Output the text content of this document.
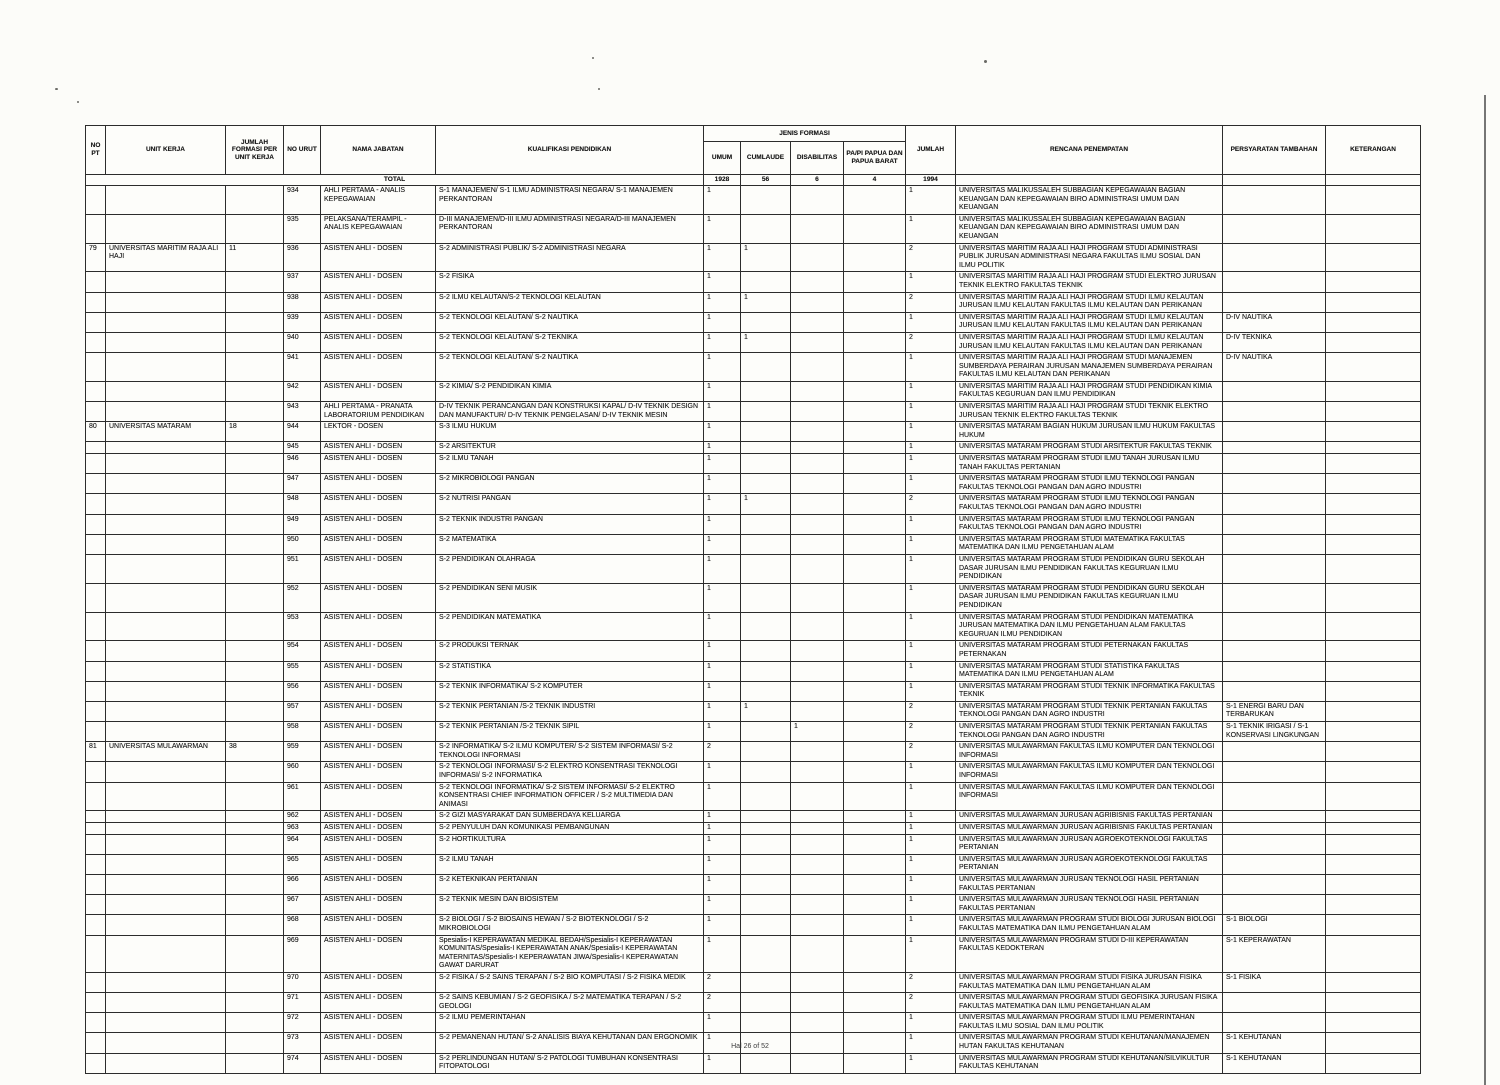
NO PT	UNIT KERJA	JUMLAH FORMASI PER UNIT KERJA	NO URUT	NAMA JABATAN	KUALIFIKASI PENDIDIKAN	JENIS FORMASI				JUMLAH	RENCANA PENEMPATAN	PERSYARATAN TAMBAHAN	KETERANGAN
						UMUM	CUMLAUDE	DISABILITAS	PA/PI PAPUA DAN PAPUA BARAT				
TOTAL						1928	56	6	4	1994			
			934	AHLI PERTAMA - ANALIS KEPEGAWAIAN	S-1 MANAJEMEN/ S-1 ILMU ADMINISTRASI NEGARA/ S-1 MANAJEMEN PERKANTORAN	1				1	UNIVERSITAS MALIKUSSALEH SUBBAGIAN KEPEGAWAIAN BAGIAN KEUANGAN DAN KEPEGAWAIAN BIRO ADMINISTRASI UMUM DAN KEUANGAN		
			935	PELAKSANA/TERAMPIL - ANALIS KEPEGAWAIAN	D-III MANAJEMEN/D-III ILMU ADMINISTRASI NEGARA/D-III MANAJEMEN PERKANTORAN	1				1	UNIVERSITAS MALIKUSSALEH SUBBAGIAN KEPEGAWAIAN BAGIAN KEUANGAN DAN KEPEGAWAIAN BIRO ADMINISTRASI UMUM DAN KEUANGAN		
79	UNIVERSITAS MARITIM RAJA ALI HAJI	11	936	ASISTEN AHLI - DOSEN	S-2 ADMINISTRASI PUBLIK/ S-2 ADMINISTRASI NEGARA	1	1			2	UNIVERSITAS MARITIM RAJA ALI HAJI PROGRAM STUDI ADMINISTRASI PUBLIK JURUSAN ADMINISTRASI NEGARA FAKULTAS ILMU SOSIAL DAN ILMU POLITIK		
			937	ASISTEN AHLI - DOSEN	S-2 FISIKA	1				1	UNIVERSITAS MARITIM RAJA ALI HAJI PROGRAM STUDI ELEKTRO JURUSAN TEKNIK ELEKTRO FAKULTAS TEKNIK		
			938	ASISTEN AHLI - DOSEN	S-2 ILMU KELAUTAN/S-2 TEKNOLOGI KELAUTAN	1	1			2	UNIVERSITAS MARITIM RAJA ALI HAJI PROGRAM STUDI ILMU KELAUTAN JURUSAN ILMU KELAUTAN FAKULTAS ILMU KELAUTAN DAN PERIKANAN		
			939	ASISTEN AHLI - DOSEN	S-2 TEKNOLOGI KELAUTAN/ S-2 NAUTIKA	1				1	UNIVERSITAS MARITIM RAJA ALI HAJI PROGRAM STUDI ILMU KELAUTAN JURUSAN ILMU KELAUTAN FAKULTAS ILMU KELAUTAN DAN PERIKANAN	D-IV NAUTIKA	
			940	ASISTEN AHLI - DOSEN	S-2 TEKNOLOGI KELAUTAN/ S-2 TEKNIKA	1	1			2	UNIVERSITAS MARITIM RAJA ALI HAJI PROGRAM STUDI ILMU KELAUTAN JURUSAN ILMU KELAUTAN FAKULTAS ILMU KELAUTAN DAN PERIKANAN	D-IV TEKNIKA	
			941	ASISTEN AHLI - DOSEN	S-2 TEKNOLOGI KELAUTAN/ S-2 NAUTIKA	1				1	UNIVERSITAS MARITIM RAJA ALI HAJI PROGRAM STUDI MANAJEMEN SUMBERDAYA PERAIRAN JURUSAN MANAJEMEN SUMBERDAYA PERAIRAN FAKULTAS ILMU KELAUTAN DAN PERIKANAN	D-IV NAUTIKA	
			942	ASISTEN AHLI - DOSEN	S-2 KIMIA/ S-2 PENDIDIKAN KIMIA	1				1	UNIVERSITAS MARITIM RAJA ALI HAJI PROGRAM STUDI PENDIDIKAN KIMIA FAKULTAS KEGURUAN DAN ILMU PENDIDIKAN		
			943	AHLI PERTAMA - PRANATA LABORATORIUM PENDIDIKAN	D-IV TEKNIK PERANCANGAN DAN KONSTRUKSI KAPAL/ D-IV TEKNIK DESIGN DAN MANUFAKTUR/ D-IV TEKNIK PENGELASAN/ D-IV TEKNIK MESIN	1				1	UNIVERSITAS MARITIM RAJA ALI HAJI PROGRAM STUDI TEKNIK ELEKTRO JURUSAN TEKNIK ELEKTRO FAKULTAS TEKNIK		
80	UNIVERSITAS MATARAM	18	944	LEKTOR - DOSEN	S-3 ILMU HUKUM	1				1	UNIVERSITAS MATARAM BAGIAN HUKUM JURUSAN ILMU HUKUM FAKULTAS HUKUM		
			945	ASISTEN AHLI - DOSEN	S-2 ARSITEKTUR	1				1	UNIVERSITAS MATARAM PROGRAM STUDI ARSITEKTUR FAKULTAS TEKNIK		
			946	ASISTEN AHLI - DOSEN	S-2 ILMU TANAH	1				1	UNIVERSITAS MATARAM PROGRAM STUDI ILMU TANAH JURUSAN ILMU TANAH FAKULTAS PERTANIAN		
			947	ASISTEN AHLI - DOSEN	S-2 MIKROBIOLOGI PANGAN	1				1	UNIVERSITAS MATARAM PROGRAM STUDI ILMU TEKNOLOGI PANGAN FAKULTAS TEKNOLOGI PANGAN DAN AGRO INDUSTRI		
			948	ASISTEN AHLI - DOSEN	S-2 NUTRISI PANGAN	1	1			2	UNIVERSITAS MATARAM PROGRAM STUDI ILMU TEKNOLOGI PANGAN FAKULTAS TEKNOLOGI PANGAN DAN AGRO INDUSTRI		
			949	ASISTEN AHLI - DOSEN	S-2 TEKNIK INDUSTRI PANGAN	1				1	UNIVERSITAS MATARAM PROGRAM STUDI ILMU TEKNOLOGI PANGAN FAKULTAS TEKNOLOGI PANGAN DAN AGRO INDUSTRI		
			950	ASISTEN AHLI - DOSEN	S-2 MATEMATIKA	1				1	UNIVERSITAS MATARAM PROGRAM STUDI MATEMATIKA FAKULTAS MATEMATIKA DAN ILMU PENGETAHUAN ALAM		
			951	ASISTEN AHLI - DOSEN	S-2 PENDIDIKAN OLAHRAGA	1				1	UNIVERSITAS MATARAM PROGRAM STUDI PENDIDIKAN GURU SEKOLAH DASAR JURUSAN ILMU PENDIDIKAN FAKULTAS KEGURUAN ILMU PENDIDIKAN		
			952	ASISTEN AHLI - DOSEN	S-2 PENDIDIKAN SENI MUSIK	1				1	UNIVERSITAS MATARAM PROGRAM STUDI PENDIDIKAN GURU SEKOLAH DASAR JURUSAN ILMU PENDIDIKAN FAKULTAS KEGURUAN ILMU PENDIDIKAN		
			953	ASISTEN AHLI - DOSEN	S-2 PENDIDIKAN MATEMATIKA	1				1	UNIVERSITAS MATARAM PROGRAM STUDI PENDIDIKAN MATEMATIKA JURUSAN MATEMATIKA DAN ILMU PENGETAHUAN ALAM FAKULTAS KEGURUAN ILMU PENDIDIKAN		
			954	ASISTEN AHLI - DOSEN	S-2 PRODUKSI TERNAK	1				1	UNIVERSITAS MATARAM PROGRAM STUDI PETERNAKAN FAKULTAS PETERNAKAN		
			955	ASISTEN AHLI - DOSEN	S-2 STATISTIKA	1				1	UNIVERSITAS MATARAM PROGRAM STUDI STATISTIKA FAKULTAS MATEMATIKA DAN ILMU PENGETAHUAN ALAM		
			956	ASISTEN AHLI - DOSEN	S-2 TEKNIK INFORMATIKA/ S-2 KOMPUTER	1				1	UNIVERSITAS MATARAM PROGRAM STUDI TEKNIK INFORMATIKA FAKULTAS TEKNIK		
			957	ASISTEN AHLI - DOSEN	S-2 TEKNIK PERTANIAN /S-2 TEKNIK INDUSTRI	1	1			2	UNIVERSITAS MATARAM PROGRAM STUDI TEKNIK PERTANIAN FAKULTAS TEKNOLOGI PANGAN DAN AGRO INDUSTRI	S-1 ENERGI BARU DAN TERBARUKAN	
			958	ASISTEN AHLI - DOSEN	S-2 TEKNIK PERTANIAN /S-2 TEKNIK SIPIL	1		1		2	UNIVERSITAS MATARAM PROGRAM STUDI TEKNIK PERTANIAN FAKULTAS TEKNOLOGI PANGAN DAN AGRO INDUSTRI	S-1 TEKNIK IRIGASI / S-1 KONSERVASI LINGKUNGAN	
81	UNIVERSITAS MULAWARMAN	38	959	ASISTEN AHLI - DOSEN	S-2 INFORMATIKA/ S-2 ILMU KOMPUTER/ S-2 SISTEM INFORMASI/ S-2 TEKNOLOGI INFORMASI	2				2	UNIVERSITAS MULAWARMAN FAKULTAS ILMU KOMPUTER DAN TEKNOLOGI INFORMASI		
			960	ASISTEN AHLI - DOSEN	S-2 TEKNOLOGI INFORMASI/ S-2 ELEKTRO KONSENTRASI TEKNOLOGI INFORMASI/ S-2 INFORMATIKA	1				1	UNIVERSITAS MULAWARMAN FAKULTAS ILMU KOMPUTER DAN TEKNOLOGI INFORMASI		
			961	ASISTEN AHLI - DOSEN	S-2 TEKNOLOGI INFORMATIKA/ S-2 SISTEM INFORMASI/ S-2 ELEKTRO KONSENTRASI CHIEF INFORMATION OFFICER / S-2 MULTIMEDIA DAN ANIMASI	1				1	UNIVERSITAS MULAWARMAN FAKULTAS ILMU KOMPUTER DAN TEKNOLOGI INFORMASI		
			962	ASISTEN AHLI - DOSEN	S-2 GIZI MASYARAKAT DAN SUMBERDAYA KELUARGA	1				1	UNIVERSITAS MULAWARMAN JURUSAN AGRIBISNIS FAKULTAS PERTANIAN		
			963	ASISTEN AHLI - DOSEN	S-2 PENYULUH DAN KOMUNIKASI PEMBANGUNAN	1				1	UNIVERSITAS MULAWARMAN JURUSAN AGRIBISNIS FAKULTAS PERTANIAN		
			964	ASISTEN AHLI - DOSEN	S-2 HORTIKULTURA	1				1	UNIVERSITAS MULAWARMAN JURUSAN AGROEKOTEKNOLOGI FAKULTAS PERTANIAN		
			965	ASISTEN AHLI - DOSEN	S-2 ILMU TANAH	1				1	UNIVERSITAS MULAWARMAN JURUSAN AGROEKOTEKNOLOGI FAKULTAS PERTANIAN		
			966	ASISTEN AHLI - DOSEN	S-2 KETEKNIKAN PERTANIAN	1				1	UNIVERSITAS MULAWARMAN JURUSAN TEKNOLOGI HASIL PERTANIAN FAKULTAS PERTANIAN		
			967	ASISTEN AHLI - DOSEN	S-2 TEKNIK MESIN DAN BIOSISTEM	1				1	UNIVERSITAS MULAWARMAN JURUSAN TEKNOLOGI HASIL PERTANIAN FAKULTAS PERTANIAN		
			968	ASISTEN AHLI - DOSEN	S-2 BIOLOGI / S-2 BIOSAINS HEWAN / S-2 BIOTEKNOLOGI / S-2 MIKROBIOLOGI	1				1	UNIVERSITAS MULAWARMAN PROGRAM STUDI BIOLOGI JURUSAN BIOLOGI FAKULTAS MATEMATIKA DAN ILMU PENGETAHUAN ALAM	S-1 BIOLOGI	
			969	ASISTEN AHLI - DOSEN	Spesialis-I KEPERAWATAN MEDIKAL BEDAH/Spesialis-I KEPERAWATAN KOMUNITAS/Spesialis-I KEPERAWATAN ANAK/Spesialis-I KEPERAWATAN MATERNITAS/Spesialis-I KEPERAWATAN JIWA/Spesialis-I KEPERAWATAN GAWAT DARURAT	1				1	UNIVERSITAS MULAWARMAN PROGRAM STUDI D-III KEPERAWATAN FAKULTAS KEDOKTERAN	S-1 KEPERAWATAN	
			970	ASISTEN AHLI - DOSEN	S-2 FISIKA / S-2 SAINS TERAPAN / S-2 BIO KOMPUTASI / S-2 FISIKA MEDIK	2				2	UNIVERSITAS MULAWARMAN PROGRAM STUDI FISIKA JURUSAN FISIKA FAKULTAS MATEMATIKA DAN ILMU PENGETAHUAN ALAM	S-1 FISIKA	
			971	ASISTEN AHLI - DOSEN	S-2 SAINS KEBUMIAN / S-2 GEOFISIKA / S-2 MATEMATIKA TERAPAN / S-2 GEOLOGI	2				2	UNIVERSITAS MULAWARMAN PROGRAM STUDI GEOFISIKA JURUSAN FISIKA FAKULTAS MATEMATIKA DAN ILMU PENGETAHUAN ALAM		
			972	ASISTEN AHLI - DOSEN	S-2 ILMU PEMERINTAHAN	1				1	UNIVERSITAS MULAWARMAN PROGRAM STUDI ILMU PEMERINTAHAN FAKULTAS ILMU SOSIAL DAN ILMU POLITIK		
			973	ASISTEN AHLI - DOSEN	S-2 PEMANENAN HUTAN/ S-2 ANALISIS BIAYA KEHUTANAN DAN ERGONOMIK	1				1	UNIVERSITAS MULAWARMAN PROGRAM STUDI KEHUTANAN/MANAJEMEN HUTAN FAKULTAS KEHUTANAN	S-1 KEHUTANAN	
			974	ASISTEN AHLI - DOSEN	S-2 PERLINDUNGAN HUTAN/ S-2 PATOLOGI TUMBUHAN KONSENTRASI FITOPATOLOGI	1				1	UNIVERSITAS MULAWARMAN PROGRAM STUDI KEHUTANAN/SILVIKULTUR FAKULTAS KEHUTANAN	S-1 KEHUTANAN	
Hal 26 of 52
